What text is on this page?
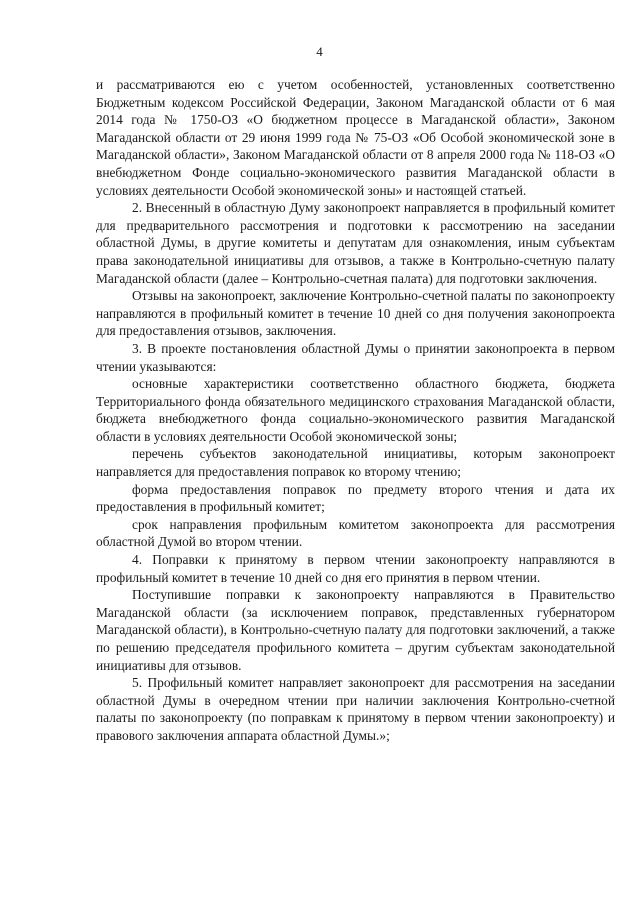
4

и рассматриваются ею с учетом особенностей, установленных соответственно Бюджетным кодексом Российской Федерации, Законом Магаданской области от 6 мая 2014 года № 1750-ОЗ «О бюджетном процессе в Магаданской области», Законом Магаданской области от 29 июня 1999 года № 75-ОЗ «Об Особой экономической зоне в Магаданской области», Законом Магаданской области от 8 апреля 2000 года № 118-ОЗ «О внебюджетном Фонде социально-экономического развития Магаданской области в условиях деятельности Особой экономической зоны» и настоящей статьей.

2. Внесенный в областную Думу законопроект направляется в профильный комитет для предварительного рассмотрения и подготовки к рассмотрению на заседании областной Думы, в другие комитеты и депутатам для ознакомления, иным субъектам права законодательной инициативы для отзывов, а также в Контрольно-счетную палату Магаданской области (далее – Контрольно-счетная палата) для подготовки заключения.

Отзывы на законопроект, заключение Контрольно-счетной палаты по законопроекту направляются в профильный комитет в течение 10 дней со дня получения законопроекта для предоставления отзывов, заключения.

3. В проекте постановления областной Думы о принятии законопроекта в первом чтении указываются:

основные характеристики соответственно областного бюджета, бюджета Территориального фонда обязательного медицинского страхования Магаданской области, бюджета внебюджетного фонда социально-экономического развития Магаданской области в условиях деятельности Особой экономической зоны;

перечень субъектов законодательной инициативы, которым законопроект направляется для предоставления поправок ко второму чтению;

форма предоставления поправок по предмету второго чтения и дата их предоставления в профильный комитет;

срок направления профильным комитетом законопроекта для рассмотрения областной Думой во втором чтении.

4. Поправки к принятому в первом чтении законопроекту направляются в профильный комитет в течение 10 дней со дня его принятия в первом чтении.

Поступившие поправки к законопроекту направляются в Правительство Магаданской области (за исключением поправок, представленных губернатором Магаданской области), в Контрольно-счетную палату для подготовки заключений, а также по решению председателя профильного комитета – другим субъектам законодательной инициативы для отзывов.

5. Профильный комитет направляет законопроект для рассмотрения на заседании областной Думы в очередном чтении при наличии заключения Контрольно-счетной палаты по законопроекту (по поправкам к принятому в первом чтении законопроекту) и правового заключения аппарата областной Думы.»;
